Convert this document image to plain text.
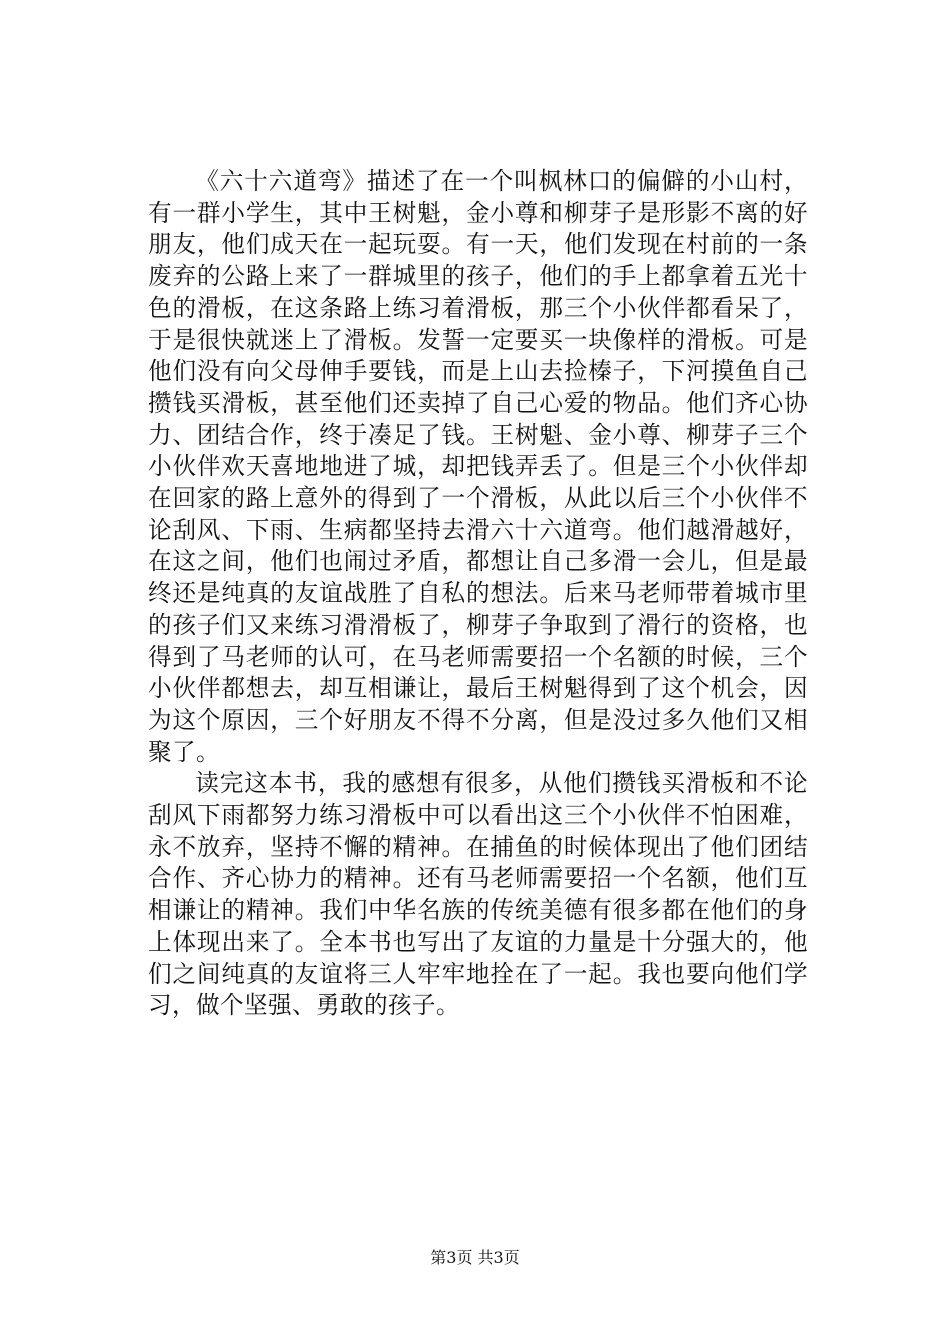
《六十六道弯》描述了在一个叫枫林口的偏僻的小山村，有一群小学生，其中王树魁，金小尊和柳芽子是形影不离的好朋友，他们成天在一起玩耍。有一天，他们发现在村前的一条废弃的公路上来了一群城里的孩子，他们的手上都拿着五光十色的滑板，在这条路上练习着滑板，那三个小伙伴都看呆了，于是很快就迷上了滑板。发誓一定要买一块像样的滑板。可是他们没有向父母伸手要钱，而是上山去捡榛子，下河摸鱼自己攒钱买滑板，甚至他们还卖掉了自己心爱的物品。他们齐心协力、团结合作，终于凑足了钱。王树魁、金小尊、柳芽子三个小伙伴欢天喜地地进了城，却把钱弄丢了。但是三个小伙伴却在回家的路上意外的得到了一个滑板，从此以后三个小伙伴不论刮风、下雨、生病都坚持去滑六十六道弯。他们越滑越好，在这之间，他们也闹过矛盾，都想让自己多滑一会儿，但是最终还是纯真的友谊战胜了自私的想法。后来马老师带着城市里的孩子们又来练习滑滑板了，柳芽子争取到了滑行的资格，也得到了马老师的认可，在马老师需要招一个名额的时候，三个小伙伴都想去，却互相谦让，最后王树魁得到了这个机会，因为这个原因，三个好朋友不得不分离，但是没过多久他们又相聚了。

读完这本书，我的感想有很多，从他们攒钱买滑板和不论刮风下雨都努力练习滑板中可以看出这三个小伙伴不怕困难，永不放弃，坚持不懈的精神。在捕鱼的时候体现出了他们团结合作、齐心协力的精神。还有马老师需要招一个名额，他们互相谦让的精神。我们中华名族的传统美德有很多都在他们的身上体现出来了。全本书也写出了友谊的力量是十分强大的，他们之间纯真的友谊将三人牢牢地拴在了一起。我也要向他们学习，做个坚强、勇敢的孩子。

第3页 共3页
